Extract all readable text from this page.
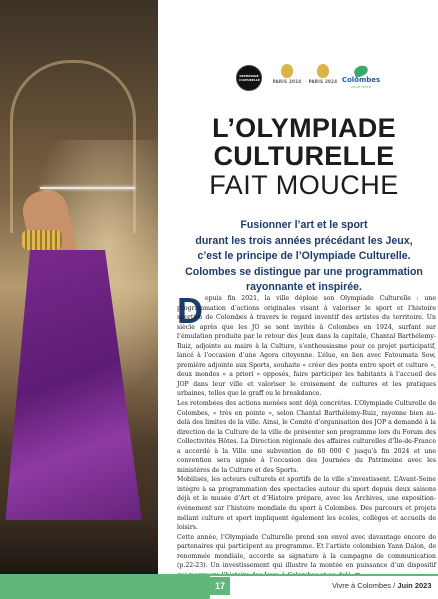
OLYMPIADE CULTURELLE	PARIS 2024	PARIS 2024 Colombes
VILLE HÔTE
L’OLYMPIADE
CULTURELLE
FAIT MOUCHE
Fusionner l’art et le sport
durant les trois années précédant les Jeux,
c’est le principe de l’Olympiade Culturelle.
Colombes se distingue par une programmation
rayonnante et inspirée.
D epuis fin 2021, la ville déploie son Olympiade Culturelle : une programmation d’actions originales visant à valoriser le sport et l’histoire sportive de Colombes à travers le regard inventif des artistes du territoire. Un siècle après que les JO se sont invités à Colombes en 1924, surfant sur l’émulation produite par le retour des Jeux dans la capitale, Chantal Barthélemy-Ruiz, adjointe au maire à la Culture, s’enthousiasme pour ce projet participatif, lancé à l’occasion d’une Agora citoyenne. L’élue, en lien avec Fatoumata Sow, première adjointe aux Sports, souhaite « créer des ponts entre sport et culture », deux mondes « a priori » opposés, faire participer les habitants à l’accueil des JOP dans leur ville et valoriser le croisement de cultures et les pratiques urbaines, telles que le graff ou le breakdance.

Les retombées des actions menées sont déjà concrètes. L’Olympiade Culturelle de Colombes, « très en pointe », selon Chantal Barthélemy-Ruiz, rayonne bien au-delà des limites de la ville. Ainsi, le Comité d’organisation des JOP a demandé à la direction de la Culture de la ville de présenter son programme lors du Forum des Collectivités Hôtes. La Direction régionale des affaires culturelles d’Île-de-France a accordé à la Ville une subvention de 60 000 € jusqu’à fin 2024 et une convention sera signée à l’occasion des Journées du Patrimoine avec les ministères de la Culture et des Sports.

Mobilisés, les acteurs culturels et sportifs de la ville s’investissent. L’Avant-Seine intègre à sa programmation des spectacles autour du sport depuis deux saisons déjà et le musée d’Art et d’Histoire prépare, avec les Archives, une exposition-événement sur l’histoire mondiale du sport à Colombes. Des parcours et projets mêlant culture et sport impliquent également les écoles, collèges et accueils de loisirs.

Cette année, l’Olympiade Culturelle prend son envol avec davantage encore de partenaires qui participent au programme. Et l’artiste colombien Yann Dalon, de renommée mondiale, accorde sa signature à la campagne de communication (p.22-23). Un investissement qui illustre la montée en puissance d’un dispositif

17	Vivre à Colombes / Juin 2023
